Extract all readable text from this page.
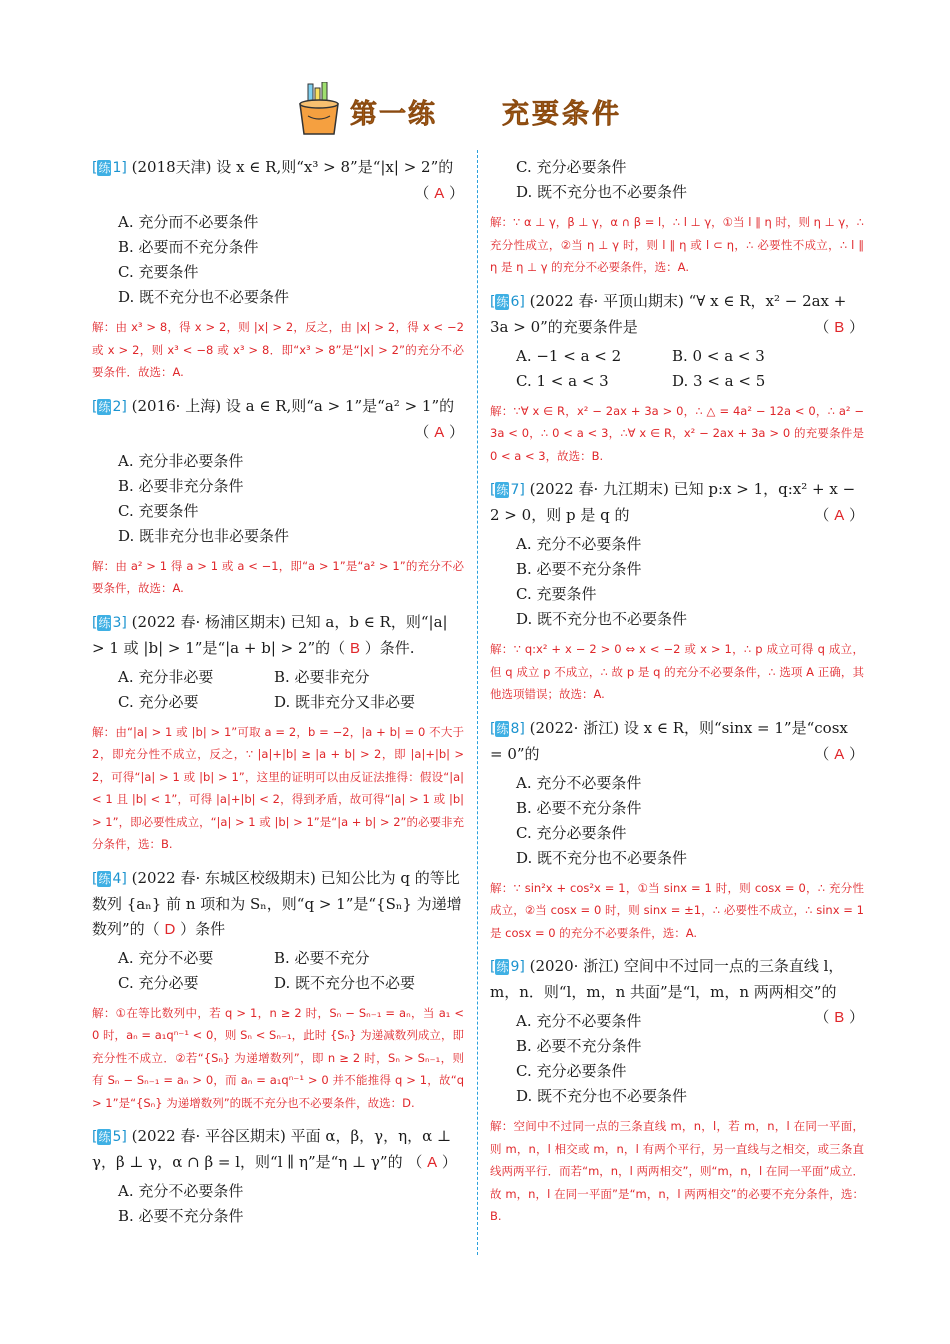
第一练 充要条件
[练 1] (2018天津) 设 x ∈ R,则“x³ > 8”是“|x| > 2”的
（ A ）
A. 充分而不必要条件
B. 必要而不充分条件
C. 充要条件
D. 既不充分也不必要条件
解：由 x³ > 8，得 x > 2，则 |x| > 2，反之，由 |x| > 2，得 x < −2 或 x > 2，则 x³ < −8 或 x³ > 8．即“x³ > 8”是“|x| > 2”的充分不必要条件．故选：A.
[练 2] (2016· 上海) 设 a ∈ R,则“a > 1”是“a² > 1”的
（ A ）
A. 充分非必要条件
B. 必要非充分条件
C. 充要条件
D. 既非充分也非必要条件
解：由 a² > 1 得 a > 1 或 a < −1，即“a > 1”是“a² > 1”的充分不必要条件，故选：A.
[练 3] (2022 春· 杨浦区期末) 已知 a，b ∈ R，则“|a| > 1 或 |b| > 1”是“|a + b| > 2”的（ B ）条件.
A. 充分非必要	B. 必要非充分
C. 充分必要	D. 既非充分又非必要
解：由“|a| > 1 或 |b| > 1”可取 a = 2，b = −2，|a + b| = 0 不大于 2，即充分性不成立，反之，∵ |a|+|b| ≥ |a + b| > 2，即 |a|+|b| > 2，可得“|a| > 1 或 |b| > 1”，这里的证明可以由反证法推得：假设“|a| < 1 且 |b| < 1”，可得 |a|+|b| < 2，得到矛盾，故可得“|a| > 1 或 |b| > 1”，即必要性成立，“|a| > 1 或 |b| > 1”是“|a + b| > 2”的必要非充分条件，选：B.
[练 4] (2022 春· 东城区校级期末) 已知公比为 q 的等比数列 {aₙ} 前 n 项和为 Sₙ，则“q > 1”是“{Sₙ} 为递增数列”的（ D ）条件
A. 充分不必要	B. 必要不充分
C. 充分必要	D. 既不充分也不必要
解：①在等比数列中，若 q > 1，n ≥ 2 时，Sₙ − Sₙ₋₁ = aₙ，当 a₁ < 0 时，aₙ = a₁qⁿ⁻¹ < 0，则 Sₙ < Sₙ₋₁，此时 {Sₙ} 为递减数列成立，即充分性不成立．②若“{Sₙ} 为递增数列”，即 n ≥ 2 时，Sₙ > Sₙ₋₁，则有 Sₙ − Sₙ₋₁ = aₙ > 0，而 aₙ = a₁qⁿ⁻¹ > 0 并不能推得 q > 1，故“q > 1”是“{Sₙ} 为递增数列”的既不充分也不必要条件，故选：D.
[练 5] (2022 春· 平谷区期末) 平面 α，β，γ，η，α ⊥ γ，β ⊥ γ，α ∩ β = l，则“l ∥ η”是“η ⊥ γ”的 （ A ）
A. 充分不必要条件
B. 必要不充分条件
C. 充分必要条件
D. 既不充分也不必要条件
解：∵ α ⊥ γ，β ⊥ γ，α ∩ β = l，∴ l ⊥ γ，①当 l ∥ η 时，则 η ⊥ γ，∴ 充分性成立，②当 η ⊥ γ 时，则 l ∥ η 或 l ⊂ η，∴ 必要性不成立，∴ l ∥ η 是 η ⊥ γ 的充分不必要条件，选：A.
[练 6] (2022 春· 平顶山期末) “∀ x ∈ R，x² − 2ax + 3a > 0”的充要条件是	（ B ）
A. −1 < a < 2	B. 0 < a < 3
C. 1 < a < 3	D. 3 < a < 5
解：∵∀ x ∈ R，x² − 2ax + 3a > 0，∴ △ = 4a² − 12a < 0，∴ a² − 3a < 0，∴ 0 < a < 3，∴∀ x ∈ R，x² − 2ax + 3a > 0 的充要条件是 0 < a < 3，故选：B.
[练 7] (2022 春· 九江期末) 已知 p:x > 1，q:x² + x − 2 > 0，则 p 是 q 的	（ A ）
A. 充分不必要条件
B. 必要不充分条件
C. 充要条件
D. 既不充分也不必要条件
解：∵ q:x² + x − 2 > 0 ⇔ x < −2 或 x > 1，∴ p 成立可得 q 成立，但 q 成立 p 不成立，∴ 故 p 是 q 的充分不必要条件，∴ 选项 A 正确，其他选项错误；故选：A.
[练 8] (2022· 浙江) 设 x ∈ R，则“sinx = 1”是“cosx = 0”的	（ A ）
A. 充分不必要条件
B. 必要不充分条件
C. 充分必要条件
D. 既不充分也不必要条件
解：∵ sin²x + cos²x = 1，①当 sinx = 1 时，则 cosx = 0，∴ 充分性成立，②当 cosx = 0 时，则 sinx = ±1，∴ 必要性不成立，∴ sinx = 1 是 cosx = 0 的充分不必要条件，选：A.
[练 9] (2020· 浙江) 空间中不过同一点的三条直线 l，m，n．则“l，m，n 共面”是“l，m，n 两两相交”的
（ B ）
A. 充分不必要条件
B. 必要不充分条件
C. 充分必要条件
D. 既不充分也不必要条件
解：空间中不过同一点的三条直线 m，n，l，若 m，n，l 在同一平面，则 m，n，l 相交或 m，n，l 有两个平行，另一直线与之相交，或三条直线两两平行．而若“m，n，l 两两相交”，则“m，n，l 在同一平面”成立．故 m，n，l 在同一平面”是“m，n，l 两两相交”的必要不充分条件，选：B.
